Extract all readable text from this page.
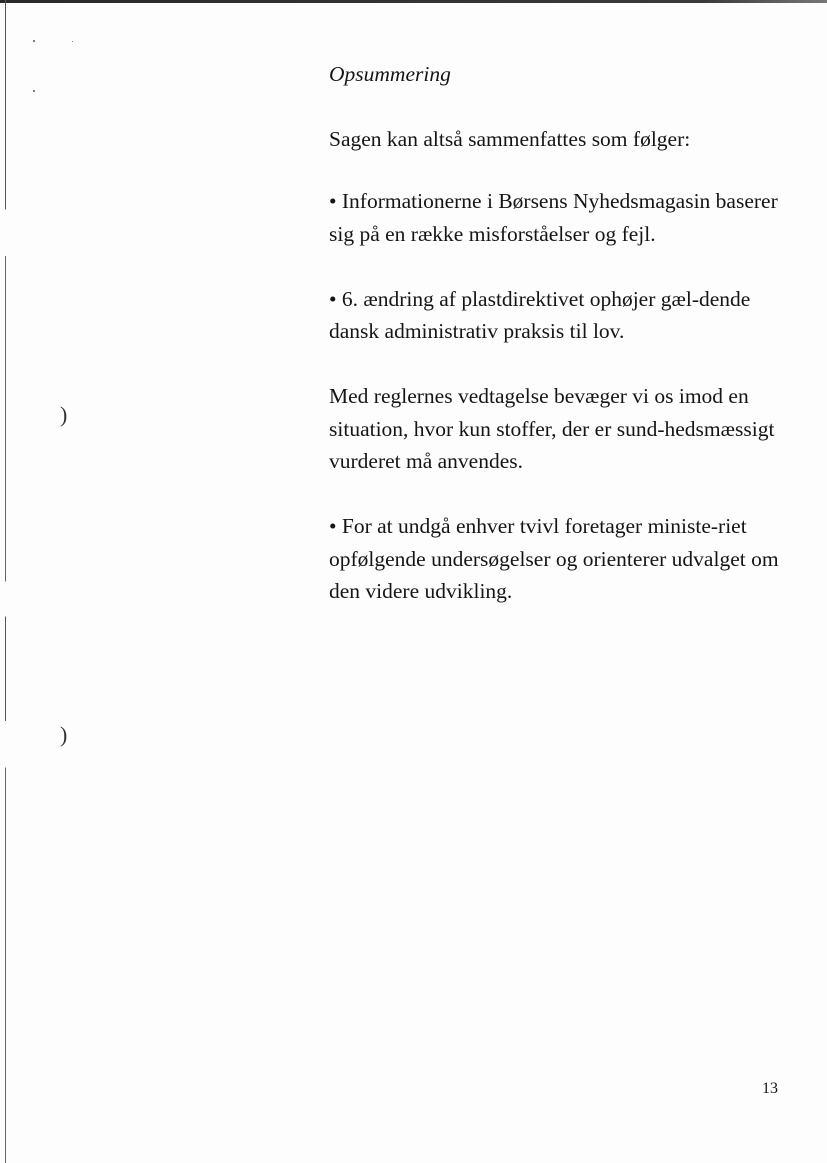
)
)

Opsummering

Sagen kan altså sammenfattes som følger:

• Informationerne i Børsens Nyhedsmagasin baserer sig på en række misforståelser og fejl.

• 6. ændring af plastdirektivet ophøjer gæl-dende dansk administrativ praksis til lov.

Med reglernes vedtagelse bevæger vi os imod en situation, hvor kun stoffer, der er sund-hedsmæssigt vurderet må anvendes.

• For at undgå enhver tvivl foretager ministe-riet opfølgende undersøgelser og orienterer udvalget om den videre udvikling.

13
